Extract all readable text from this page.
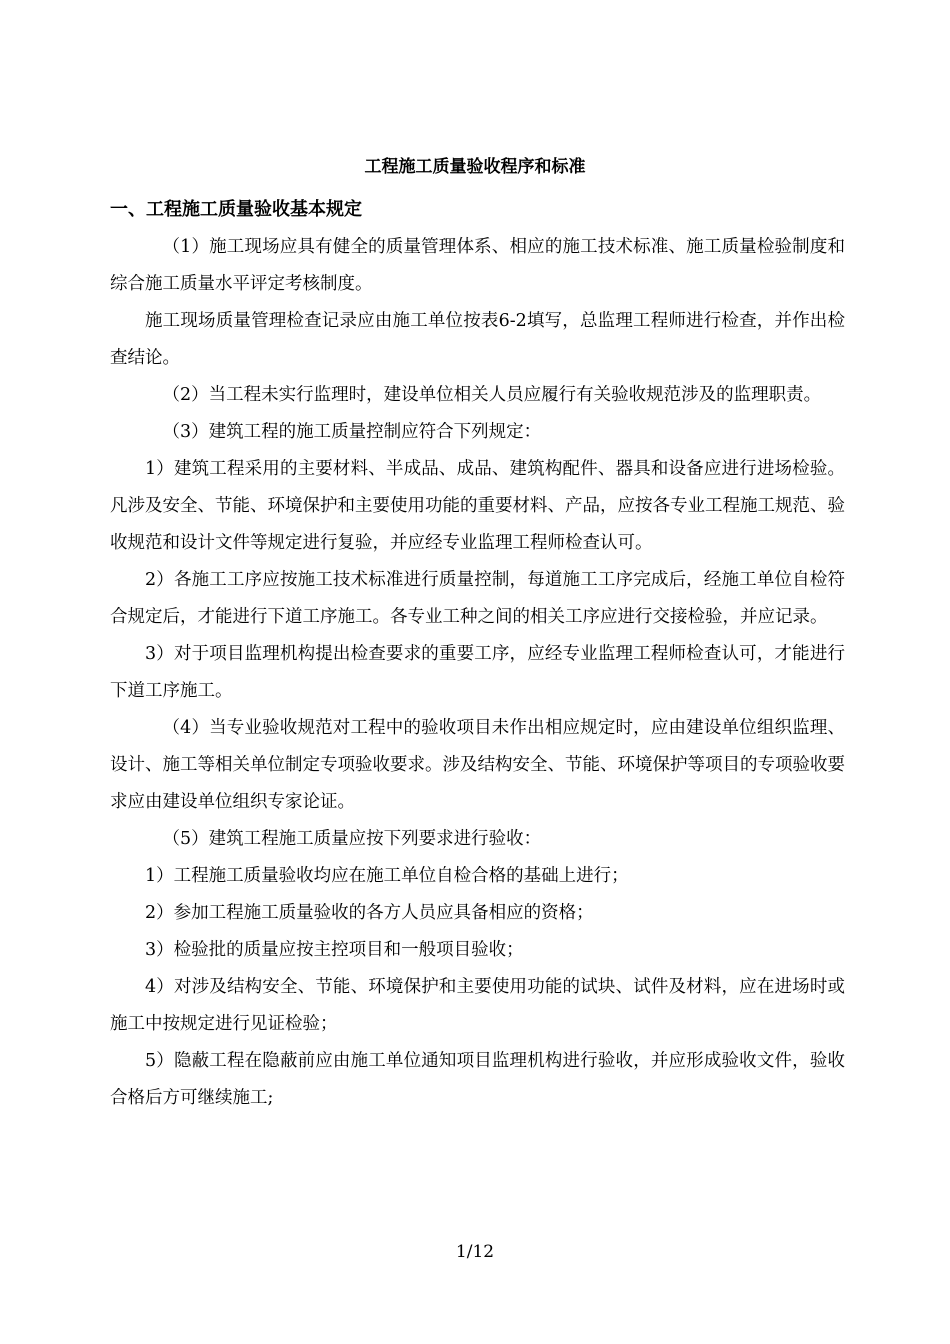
工程施工质量验收程序和标准
一、工程施工质量验收基本规定

（1）施工现场应具有健全的质量管理体系、相应的施工技术标准、施工质量检验制度和综合施工质量水平评定考核制度。

施工现场质量管理检查记录应由施工单位按表6-2填写，总监理工程师进行检查，并作出检查结论。

（2）当工程未实行监理时，建设单位相关人员应履行有关验收规范涉及的监理职责。

（3）建筑工程的施工质量控制应符合下列规定：

1）建筑工程采用的主要材料、半成品、成品、建筑构配件、器具和设备应进行进场检验。凡涉及安全、节能、环境保护和主要使用功能的重要材料、产品，应按各专业工程施工规范、验收规范和设计文件等规定进行复验，并应经专业监理工程师检查认可。

2）各施工工序应按施工技术标准进行质量控制，每道施工工序完成后，经施工单位自检符合规定后，才能进行下道工序施工。各专业工种之间的相关工序应进行交接检验，并应记录。

3）对于项目监理机构提出检查要求的重要工序，应经专业监理工程师检查认可，才能进行下道工序施工。

（4）当专业验收规范对工程中的验收项目未作出相应规定时，应由建设单位组织监理、设计、施工等相关单位制定专项验收要求。涉及结构安全、节能、环境保护等项目的专项验收要求应由建设单位组织专家论证。

（5）建筑工程施工质量应按下列要求进行验收：

1）工程施工质量验收均应在施工单位自检合格的基础上进行；

2）参加工程施工质量验收的各方人员应具备相应的资格；

3）检验批的质量应按主控项目和一般项目验收；

4）对涉及结构安全、节能、环境保护和主要使用功能的试块、试件及材料，应在进场时或施工中按规定进行见证检验；

5）隐蔽工程在隐蔽前应由施工单位通知项目监理机构进行验收，并应形成验收文件，验收合格后方可继续施工;

1/12
